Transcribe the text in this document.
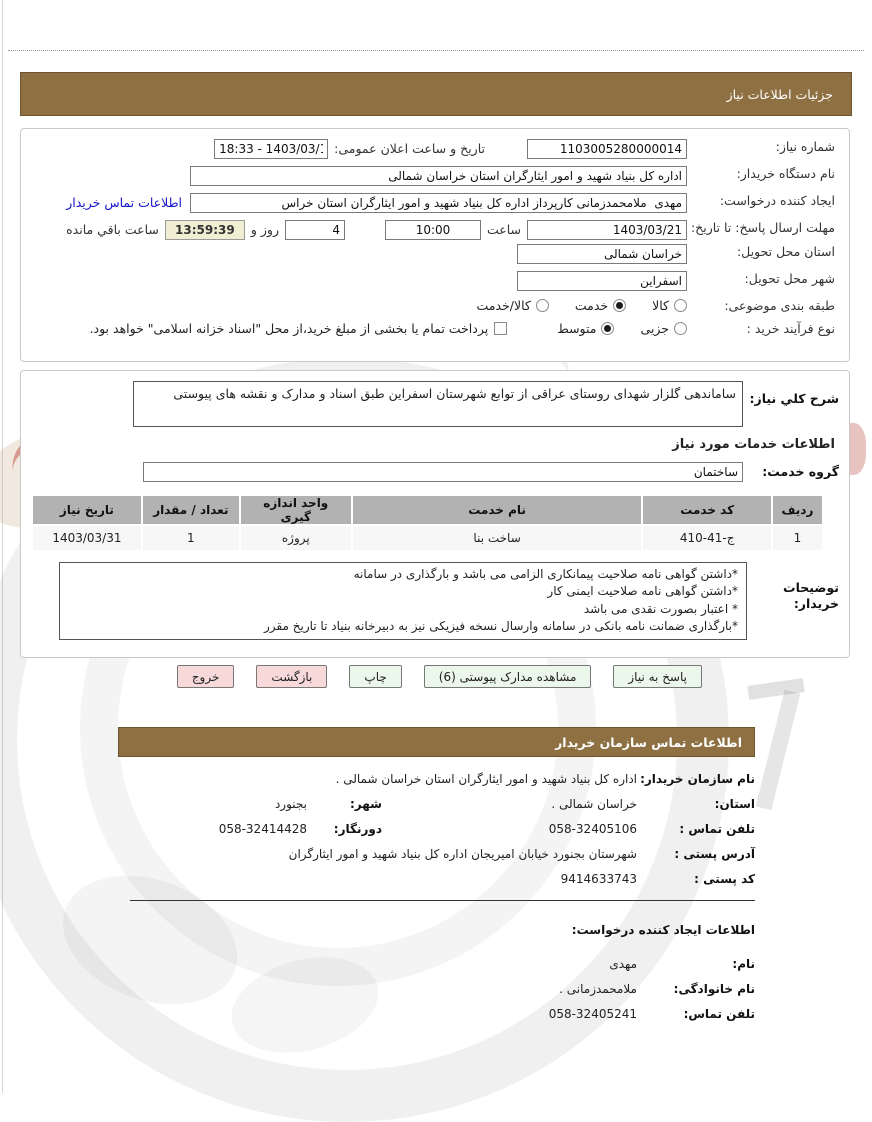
جزئیات اطلاعات نیاز
شماره نیاز:
1103005280000014
تاریخ و ساعت اعلان عمومی:
18:33 - 1403/03/16
نام دستگاه خریدار:
اداره کل بنیاد شهید و امور ایثارگران استان خراسان شمالی
ایجاد کننده درخواست:
مهدی ملامحمدزمانی کارپرداز اداره کل بنیاد شهید و امور ایثارگران استان خراس
اطلاعات تماس خریدار
مهلت ارسال پاسخ: تا تاریخ:
1403/03/21
ساعت
10:00
4
روز و
13:59:39
ساعت باقي مانده
استان محل تحویل:
خراسان شمالی
شهر محل تحویل:
اسفراین
طبقه بندی موضوعی:
کالا
خدمت
کالا/خدمت
نوع فرآیند خرید :
جزیی
متوسط
پرداخت تمام یا بخشی از مبلغ خرید،از محل "اسناد خزانه اسلامی" خواهد بود.
شرح کلي نیاز:
ساماندهی گلزار شهدای روستای عراقی از توابع شهرستان اسفراین طبق اسناد و مدارک و نقشه های پیوستی
اطلاعات خدمات مورد نیاز
گروه خدمت:
ساختمان
ردیف	کد خدمت	نام خدمت	واحد اندازه گیری	تعداد / مقدار	تاریخ نیاز
1	ج-41-410	ساخت بنا	پروژه	1	1403/03/31
توضیحات خریدار:
*داشتن گواهی نامه صلاحیت پیمانکاری الزامی می باشد و بارگذاری در سامانه
*داشتن گواهی نامه صلاحیت ایمنی کار
* اعتبار بصورت نقدی می باشد
*بارگذاری ضمانت نامه بانکی در سامانه وارسال نسخه فیزیکی نیز به دبیرخانه بنیاد تا تاریخ مقرر
پاسخ به نیاز
مشاهده مدارک پیوستی (6)
چاپ
بازگشت
خروج
اطلاعات تماس سازمان خریدار
نام سازمان خریدار:
اداره کل بنیاد شهید و امور ایثارگران استان خراسان شمالی .
استان:
خراسان شمالی .
شهر:
بجنورد
تلفن تماس :
058-32405106
دورنگار:
058-32414428
آدرس پستی :
شهرستان بجنورد خیابان امیریجان اداره کل بنیاد شهید و امور ایثارگران
کد پستی :
9414633743
اطلاعات ایجاد کننده درخواست:
نام:
مهدی
نام خانوادگی:
ملامحمدزمانی .
تلفن تماس:
058-32405241
